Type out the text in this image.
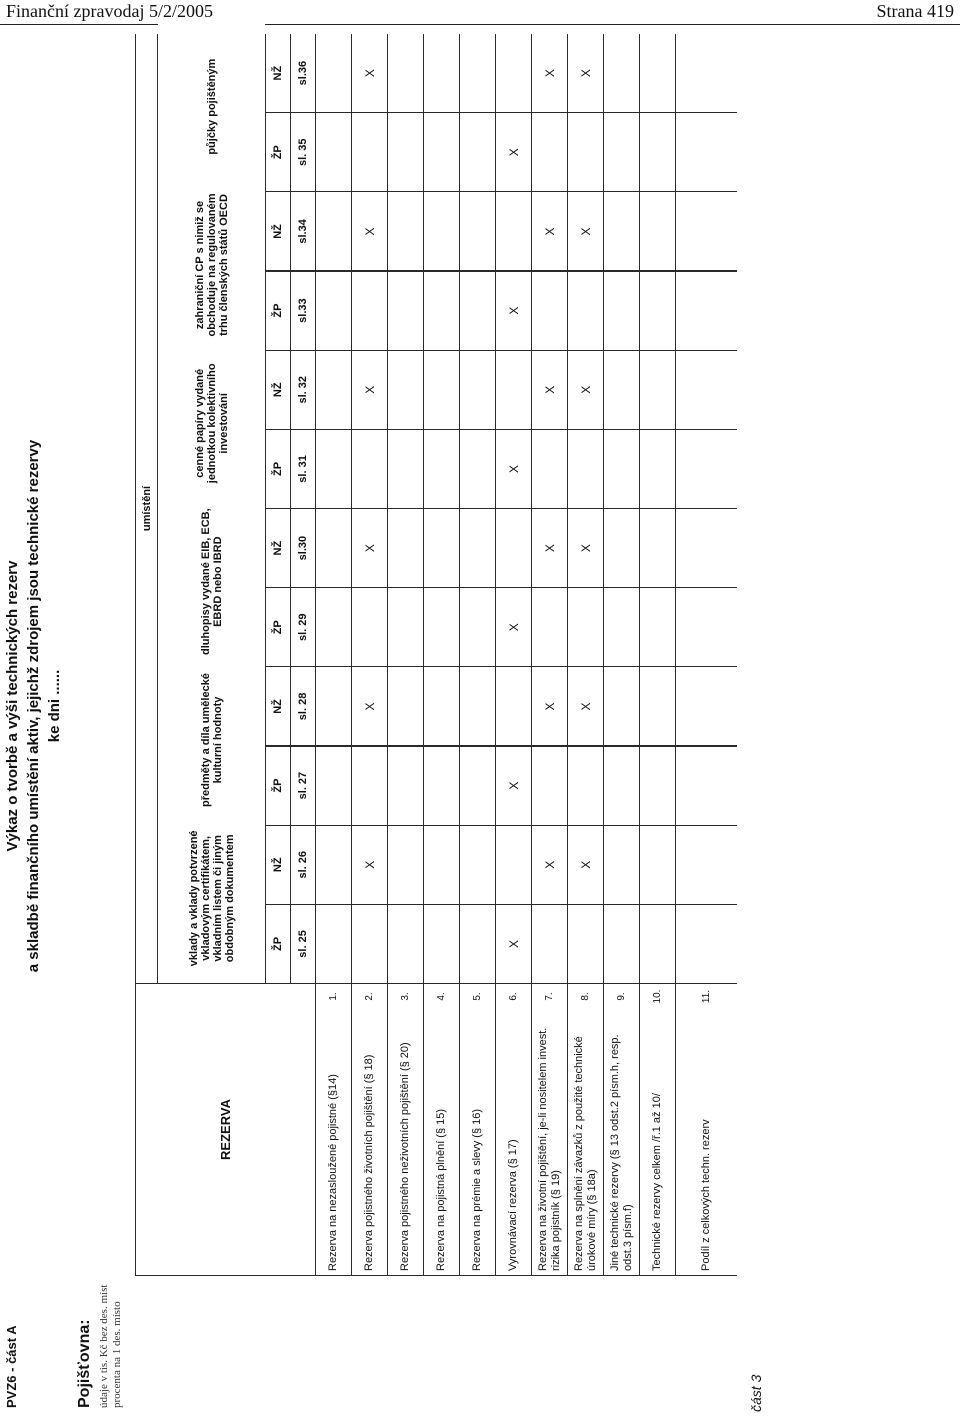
Finanční zpravodaj 5/2/2005	Strana 419
PVZ6 - část A
Výkaz o tvorbě a výši technických rezerv a skladbě finančního umístění aktiv, jejichž zdrojem jsou technické rezervy ke dni ......
Pojišťovna: údaje v tis. Kč bez des. míst procenta na 1 des. místo	část 3
REZERVA
umístění
vklady a vklady potvrzené vkladovým certifikátem, vkladním listem či jiným obdobným dokumentem
předměty a díla umělecké kulturní hodnoty
dluhopisy vydané EIB, ECB, EBRD nebo IBRD
cenné papíry vydané jednotkou kolektivního investování
zahraniční CP s nimiž se obchoduje na regulovaném trhu členských států OECD
půjčky pojištěným
ŽP
NŽ
ŽP
NŽ
ŽP
NŽ
ŽP
NŽ
ŽP
NŽ
ŽP
NŽ
sl. 25
sl. 26
sl. 27
sl. 28
sl. 29
sl.30
sl. 31
sl. 32
sl.33
sl.34
sl. 35
sl.36
Rezerva na nezasloužené pojistné (§14)
1.
Rezerva pojistného životních pojištění (§ 18)
2.
X
X
X
X
X
X
Rezerva pojistného neživotních pojištění (§ 20)
3.
Rezerva na pojistná plnění (§ 15)
4.
Rezerva na prémie a slevy (§ 16)
5.
Vyrovnávací rezerva (§ 17)
6.
X
X
X
X
X
X
Rezerva na životní pojištění, je-li nositelem invest. rizika pojistník (§ 19)
7.
X
X
X
X
X
X
Rezerva na splnění závazků z použité technické úrokové míry (§ 18a)
8.
X
X
X
X
X
X
Jiné technické rezervy (§ 13 odst.2 písm.h, resp. odst.3 písm.f)
9.
Technické rezervy celkem /ř.1 až 10/
10.
Podíl z celkových techn. rezerv
11.
